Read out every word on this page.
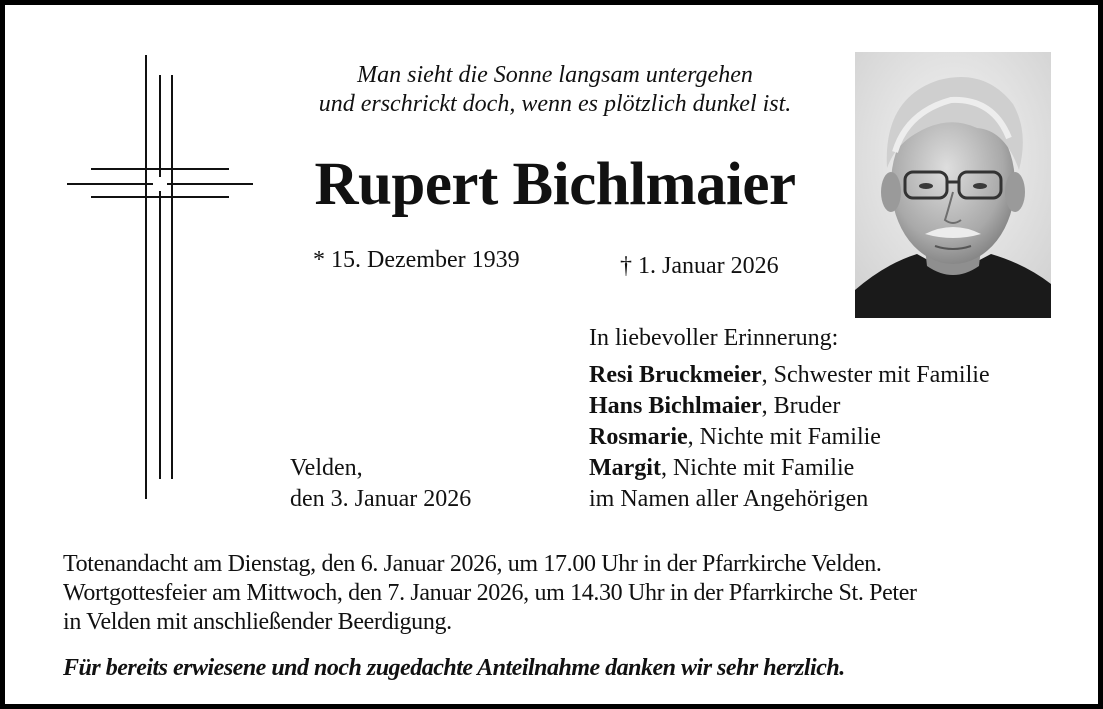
Man sieht die Sonne langsam untergehen
und erschrickt doch, wenn es plötzlich dunkel ist.
Rupert Bichlmaier
* 15. Dezember 1939	† 1. Januar 2026
In liebevoller Erinnerung:
Resi Bruckmeier, Schwester mit Familie
Hans Bichlmaier, Bruder
Rosmarie, Nichte mit Familie
Margit, Nichte mit Familie
im Namen aller Angehörigen
Velden,
den 3. Januar 2026
Totenandacht am Dienstag, den 6. Januar 2026, um 17.00 Uhr in der Pfarrkirche Velden.
Wortgottesfeier am Mittwoch, den 7. Januar 2026, um 14.30 Uhr in der Pfarrkirche St. Peter
in Velden mit anschließender Beerdigung.
Für bereits erwiesene und noch zugedachte Anteilnahme danken wir sehr herzlich.
